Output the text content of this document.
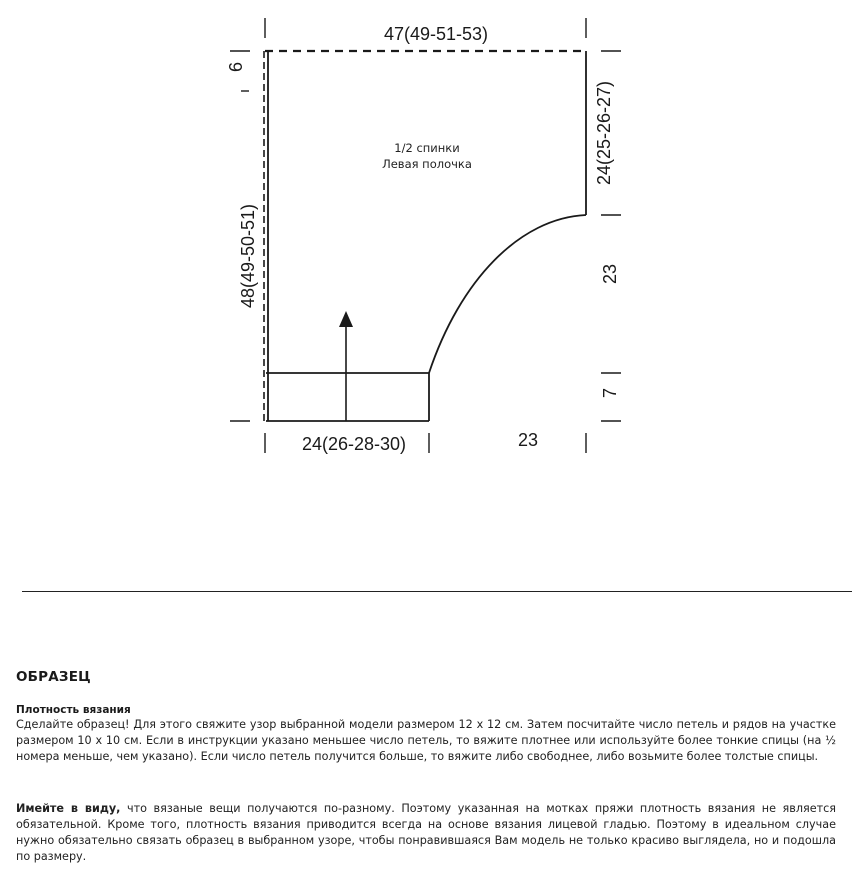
47(49-51-53)
6
48(49-50-51)
24(25-26-27)
23
7
24(26-28-30)	23
1/2 спинки
Левая полочка
ОБРАЗЕЦ
Плотность вязания

Сделайте образец! Для этого свяжите узор выбранной модели размером 12 х 12 см. Затем посчитайте число петель и рядов на участке размером 10 х 10 см. Если в инструкции указано меньшее число петель, то вяжите плотнее или используйте более тонкие спицы (на ½ номера меньше, чем указано). Если число петель получится больше, то вяжите либо свободнее, либо возьмите более толстые спицы.

Имейте в виду, что вязаные вещи получаются по-разному. Поэтому указанная на мотках пряжи плотность вязания не является обязательной. Кроме того, плотность вязания приводится всегда на основе вязания лицевой гладью. Поэтому в идеальном случае нужно обязательно связать образец в выбранном узоре, чтобы понравившаяся Вам модель не только красиво выглядела, но и подошла по размеру.
